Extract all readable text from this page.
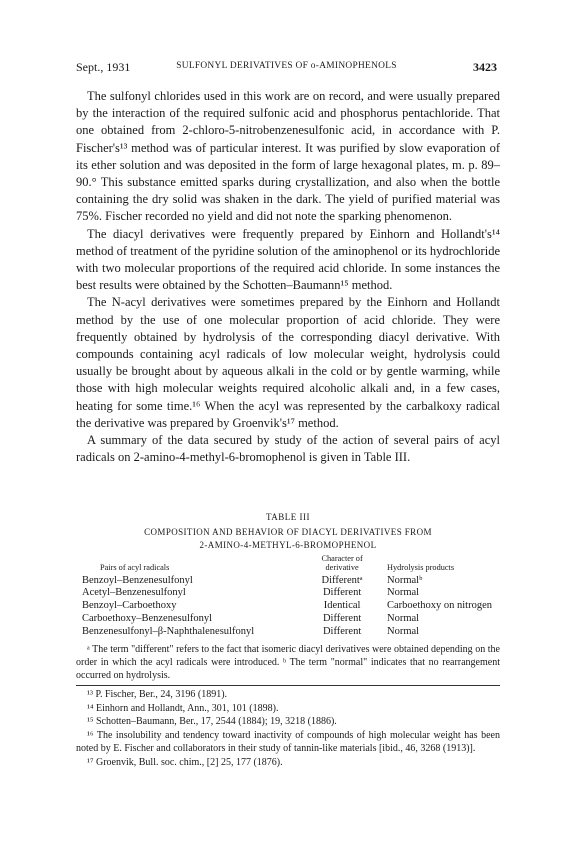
Sept., 1931	SULFONYL DERIVATIVES OF o-AMINOPHENOLS	3423

The sulfonyl chlorides used in this work are on record, and were usually prepared by the interaction of the required sulfonic acid and phosphorus pentachloride. That one obtained from 2-chloro-5-nitrobenzenesulfonic acid, in accordance with P. Fischer's¹³ method was of particular interest. It was purified by slow evaporation of its ether solution and was deposited in the form of large hexagonal plates, m. p. 89–90.° This substance emitted sparks during crystallization, and also when the bottle containing the dry solid was shaken in the dark. The yield of purified material was 75%. Fischer recorded no yield and did not note the sparking phenomenon.

The diacyl derivatives were frequently prepared by Einhorn and Hollandt's¹⁴ method of treatment of the pyridine solution of the aminophenol or its hydrochloride with two molecular proportions of the required acid chloride. In some instances the best results were obtained by the Schotten–Baumann¹⁵ method.

The N-acyl derivatives were sometimes prepared by the Einhorn and Hollandt method by the use of one molecular proportion of acid chloride. They were frequently obtained by hydrolysis of the corresponding diacyl derivative. With compounds containing acyl radicals of low molecular weight, hydrolysis could usually be brought about by aqueous alkali in the cold or by gentle warming, while those with high molecular weights required alcoholic alkali and, in a few cases, heating for some time.¹⁶ When the acyl was represented by the carbalkoxy radical the derivative was prepared by Groenvik's¹⁷ method.

A summary of the data secured by study of the action of several pairs of acyl radicals on 2-amino-4-methyl-6-bromophenol is given in Table III.

TABLE III
COMPOSITION AND BEHAVIOR OF DIACYL DERIVATIVES FROM
2-AMINO-4-METHYL-6-BROMOPHENOL
Pairs of acyl radicals	Character of derivative	Hydrolysis products
Benzoyl–Benzenesulfonyl	Differentᵃ	Normalᵇ
Acetyl–Benzenesulfonyl	Different	Normal
Benzoyl–Carboethoxy	Identical	Carboethoxy on nitrogen
Carboethoxy–Benzenesulfonyl	Different	Normal
Benzenesulfonyl–β-Naphthalenesulfonyl	Different	Normal

ᵃ The term "different" refers to the fact that isomeric diacyl derivatives were obtained depending on the order in which the acyl radicals were introduced. ᵇ The term "normal" indicates that no rearrangement occurred on hydrolysis.

¹³ P. Fischer, Ber., 24, 3196 (1891).

¹⁴ Einhorn and Hollandt, Ann., 301, 101 (1898).

¹⁵ Schotten–Baumann, Ber., 17, 2544 (1884); 19, 3218 (1886).

¹⁶ The insolubility and tendency toward inactivity of compounds of high molecular weight has been noted by E. Fischer and collaborators in their study of tannin-like materials [ibid., 46, 3268 (1913)].

¹⁷ Groenvik, Bull. soc. chim., [2] 25, 177 (1876).
